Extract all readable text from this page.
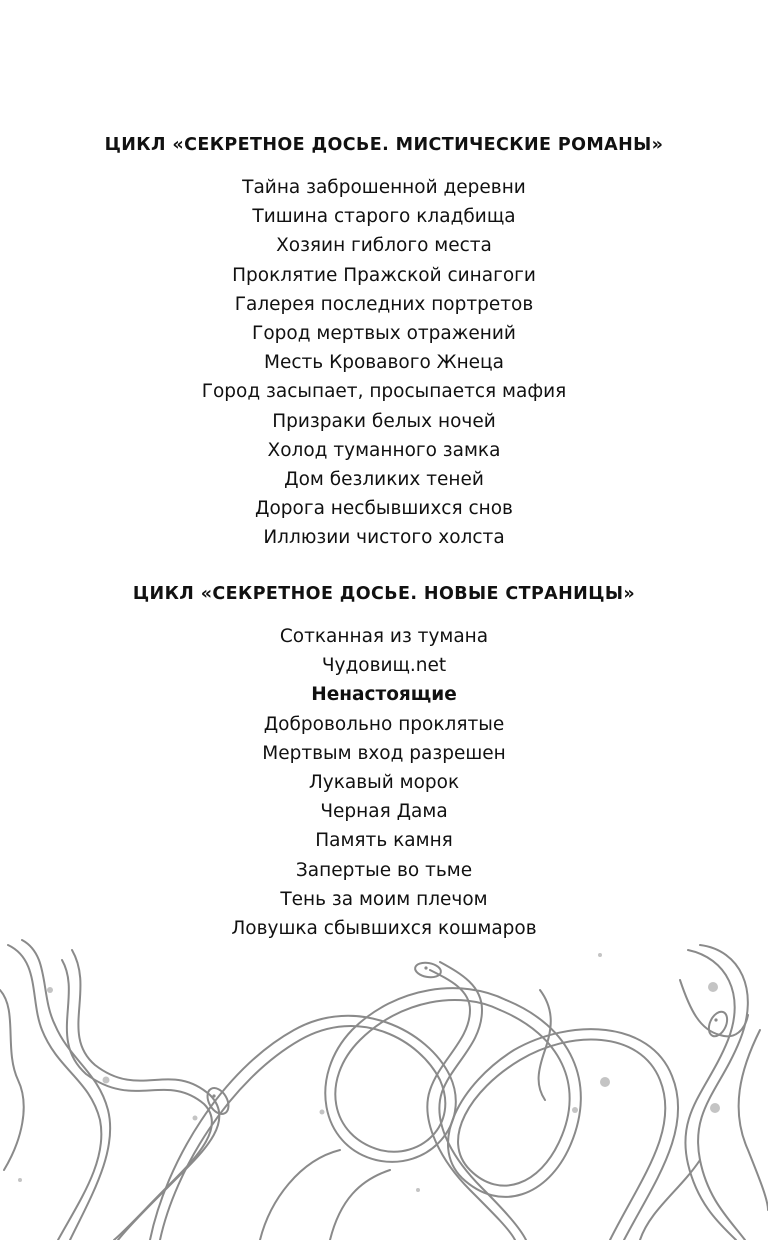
ЦИКЛ «СЕКРЕТНОЕ ДОСЬЕ. МИСТИЧЕСКИЕ РОМАНЫ»
Тайна заброшенной деревни
Тишина старого кладбища
Хозяин гиблого места
Проклятие Пражской синагоги
Галерея последних портретов
Город мертвых отражений
Месть Кровавого Жнеца
Город засыпает, просыпается мафия
Призраки белых ночей
Холод туманного замка
Дом безликих теней
Дорога несбывшихся снов
Иллюзии чистого холста
ЦИКЛ «СЕКРЕТНОЕ ДОСЬЕ. НОВЫЕ СТРАНИЦЫ»
Сотканная из тумана
Чудовищ.net
Ненастоящие
Добровольно проклятые
Мертвым вход разрешен
Лукавый морок
Черная Дама
Память камня
Запертые во тьме
Тень за моим плечом
Ловушка сбывшихся кошмаров
